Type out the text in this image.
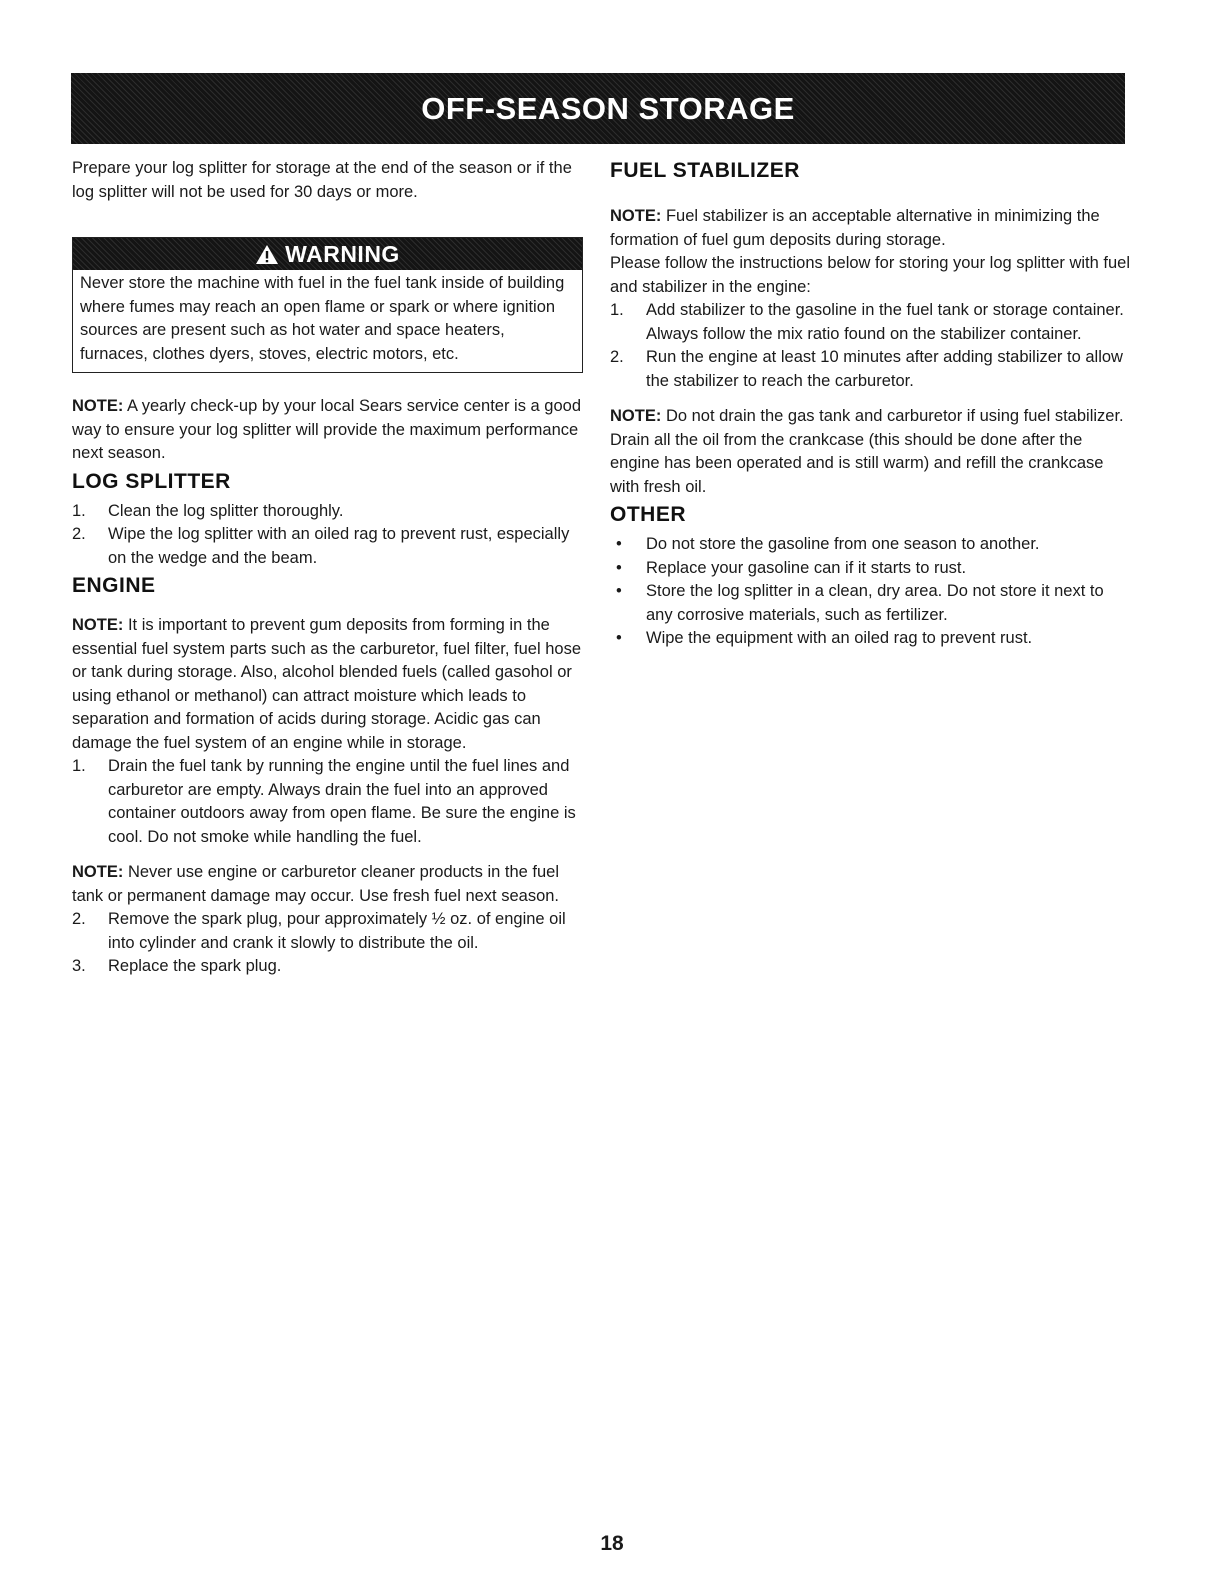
OFF-SEASON STORAGE

Prepare your log splitter for storage at the end of the season or if the log splitter will not be used for 30 days or more.

WARNING
Never store the machine with fuel in the fuel tank inside of building where fumes may reach an open flame or spark or where ignition sources are present such as hot water and space heaters, furnaces, clothes dyers, stoves, electric motors, etc.

NOTE: A yearly check-up by your local Sears service center is a good way to ensure your log splitter will provide the maximum performance next season.

LOG SPLITTER
1. Clean the log splitter thoroughly.
2. Wipe the log splitter with an oiled rag to prevent rust, especially on the wedge and the beam.
ENGINE

NOTE: It is important to prevent gum deposits from forming in the essential fuel system parts such as the carburetor, fuel filter, fuel hose or tank during storage. Also, alcohol blended fuels (called gasohol or using ethanol or methanol) can attract moisture which leads to separation and formation of acids during storage. Acidic gas can damage the fuel system of an engine while in storage.

1. Drain the fuel tank by running the engine until the fuel lines and carburetor are empty. Always drain the fuel into an approved container outdoors away from open flame. Be sure the engine is cool. Do not smoke while handling the fuel.

NOTE: Never use engine or carburetor cleaner products in the fuel tank or permanent damage may occur. Use fresh fuel next season.

2. Remove the spark plug, pour approximately ½ oz. of engine oil into cylinder and crank it slowly to distribute the oil.
3. Replace the spark plug.
FUEL STABILIZER

NOTE: Fuel stabilizer is an acceptable alternative in minimizing the formation of fuel gum deposits during storage.

Please follow the instructions below for storing your log splitter with fuel and stabilizer in the engine:

1. Add stabilizer to the gasoline in the fuel tank or storage container. Always follow the mix ratio found on the stabilizer container.
2. Run the engine at least 10 minutes after adding stabilizer to allow the stabilizer to reach the carburetor.

NOTE: Do not drain the gas tank and carburetor if using fuel stabilizer. Drain all the oil from the crankcase (this should be done after the engine has been operated and is still warm) and refill the crankcase with fresh oil.

OTHER
• Do not store the gasoline from one season to another.
• Replace your gasoline can if it starts to rust.
• Store the log splitter in a clean, dry area. Do not store it next to any corrosive materials, such as fertilizer.
• Wipe the equipment with an oiled rag to prevent rust.
18
